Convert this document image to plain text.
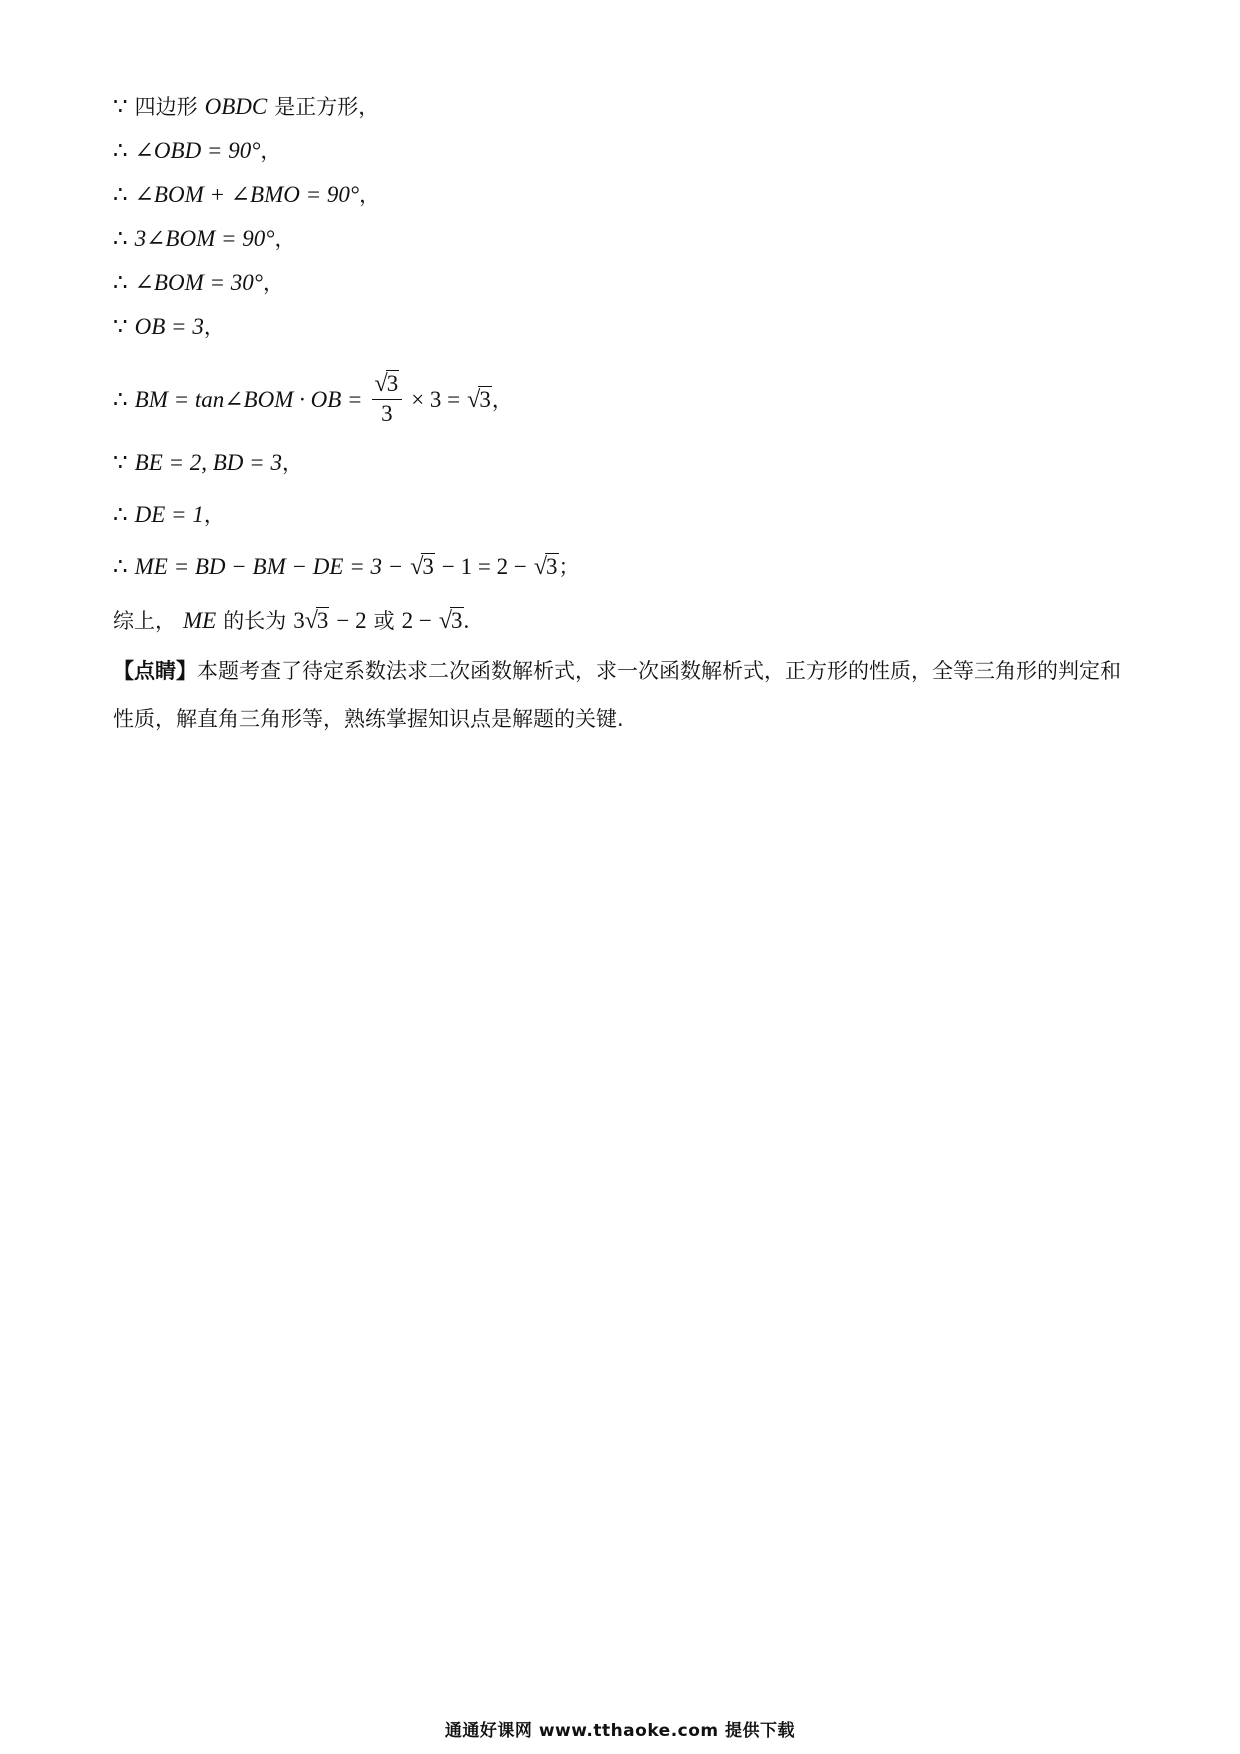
∵ 四边形 OBDC 是正方形，
∴ ∠OBD = 90°，
∴ ∠BOM + ∠BMO = 90°，
∴ 3∠BOM = 90°，
∴ ∠BOM = 30°，
∵ OB = 3，
∴ BM = tan∠BOM · OB = $\frac{√3}{3} \times 3 = √3$，
∵ BE = 2, BD = 3，
∴ DE = 1，
∴ ME = BD − BM − DE = 3 − √3 − 1 = 2 − √3；
综上， ME 的长为 3√3 − 2 或 2 − √3.
【点睛】本题考查了待定系数法求二次函数解析式，求一次函数解析式，正方形的性质，全等三角形的判定和性质，解直角三角形等，熟练掌握知识点是解题的关键.
通通好课网 www.tthaoke.com 提供下载
